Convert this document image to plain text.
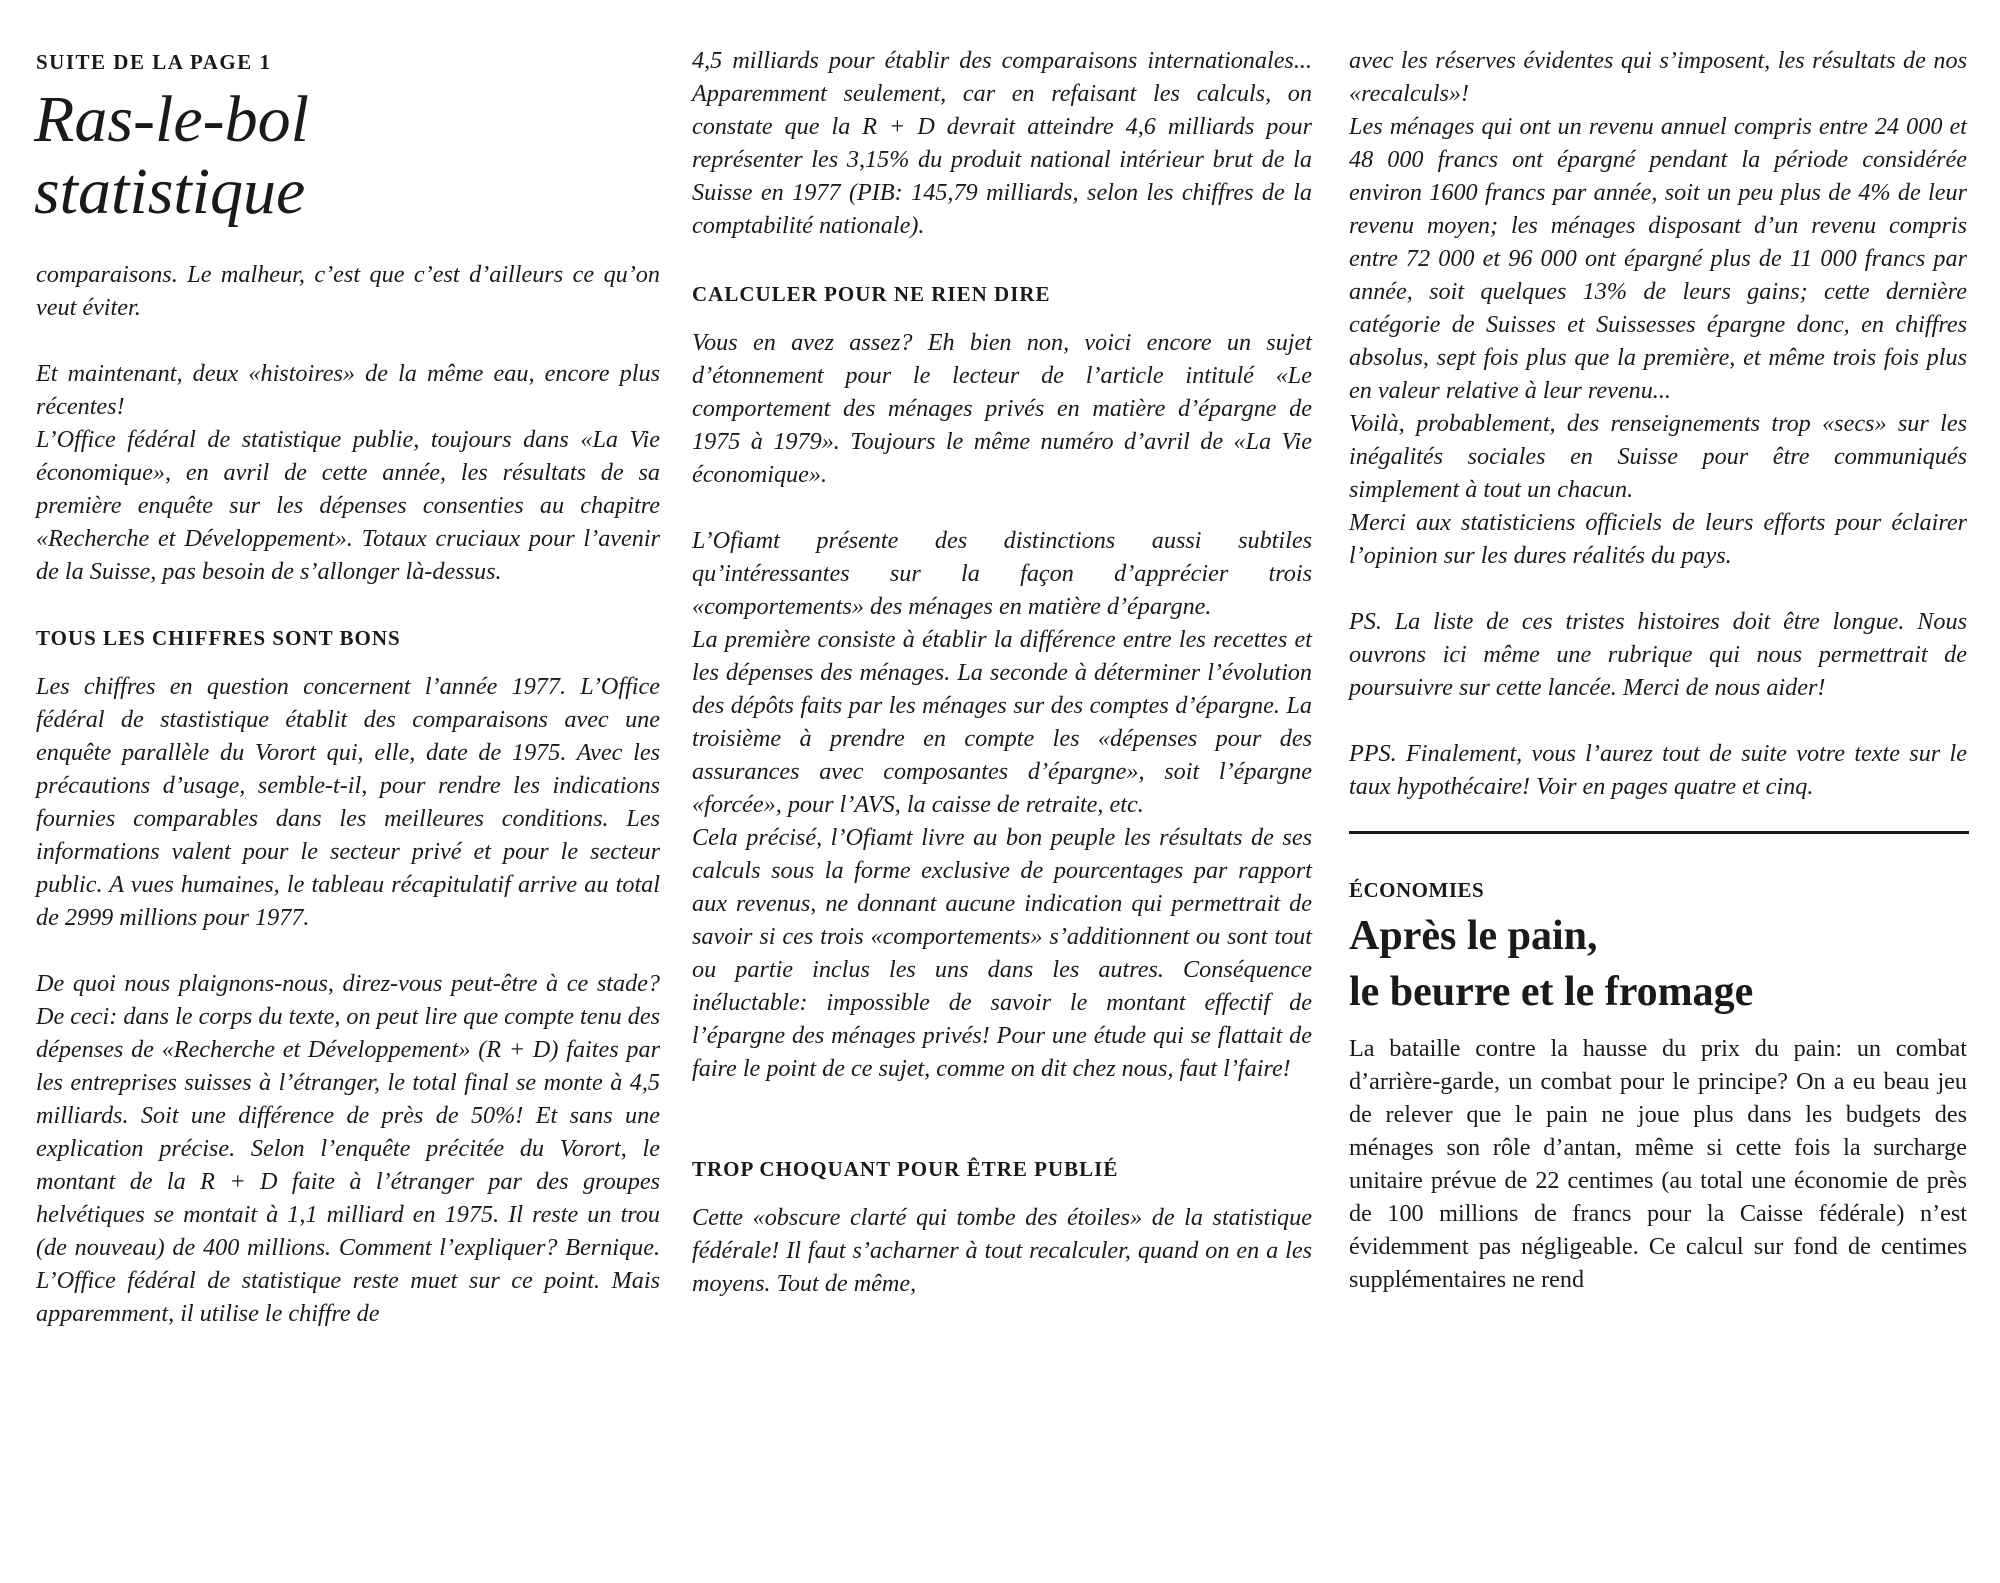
SUITE DE LA PAGE 1
Ras-le-bol
statistique

comparaisons. Le malheur, c’est que c’est d’ailleurs ce qu’on veut éviter.

Et maintenant, deux «histoires» de la même eau, encore plus récentes!

L’Office fédéral de statistique publie, toujours dans «La Vie économique», en avril de cette année, les résultats de sa première enquête sur les dépenses consenties au chapitre «Recherche et Développement». Totaux cruciaux pour l’avenir de la Suisse, pas besoin de s’allonger là-dessus.

TOUS LES CHIFFRES SONT BONS

Les chiffres en question concernent l’année 1977. L’Office fédéral de stastistique établit des comparaisons avec une enquête parallèle du Vorort qui, elle, date de 1975. Avec les précautions d’usage, semble-t-il, pour rendre les indications fournies comparables dans les meilleures conditions. Les informations valent pour le secteur privé et pour le secteur public. A vues humaines, le tableau récapitulatif arrive au total de 2999 millions pour 1977.

De quoi nous plaignons-nous, direz-vous peut-être à ce stade? De ceci: dans le corps du texte, on peut lire que compte tenu des dépenses de «Recherche et Développement» (R + D) faites par les entreprises suisses à l’étranger, le total final se monte à 4,5 milliards. Soit une différence de près de 50%! Et sans une explication précise. Selon l’enquête précitée du Vorort, le montant de la R + D faite à l’étranger par des groupes helvétiques se montait à 1,1 milliard en 1975. Il reste un trou (de nouveau) de 400 millions. Comment l’expliquer? Bernique. L’Office fédéral de statistique reste muet sur ce point. Mais apparemment, il utilise le chiffre de

4,5 milliards pour établir des comparaisons internationales... Apparemment seulement, car en refaisant les calculs, on constate que la R + D devrait atteindre 4,6 milliards pour représenter les 3,15% du produit national intérieur brut de la Suisse en 1977 (PIB: 145,79 milliards, selon les chiffres de la comptabilité nationale).

CALCULER POUR NE RIEN DIRE

Vous en avez assez? Eh bien non, voici encore un sujet d’étonnement pour le lecteur de l’article intitulé «Le comportement des ménages privés en matière d’épargne de 1975 à 1979». Toujours le même numéro d’avril de «La Vie économique».

L’Ofiamt présente des distinctions aussi subtiles qu’intéressantes sur la façon d’apprécier trois «comportements» des ménages en matière d’épargne.

La première consiste à établir la différence entre les recettes et les dépenses des ménages. La seconde à déterminer l’évolution des dépôts faits par les ménages sur des comptes d’épargne. La troisième à prendre en compte les «dépenses pour des assurances avec composantes d’épargne», soit l’épargne «forcée», pour l’AVS, la caisse de retraite, etc.

Cela précisé, l’Ofiamt livre au bon peuple les résultats de ses calculs sous la forme exclusive de pourcentages par rapport aux revenus, ne donnant aucune indication qui permettrait de savoir si ces trois «comportements» s’additionnent ou sont tout ou partie inclus les uns dans les autres. Conséquence inéluctable: impossible de savoir le montant effectif de l’épargne des ménages privés! Pour une étude qui se flattait de faire le point de ce sujet, comme on dit chez nous, faut l’faire!

TROP CHOQUANT POUR ÊTRE PUBLIÉ

Cette «obscure clarté qui tombe des étoiles» de la statistique fédérale! Il faut s’acharner à tout recalculer, quand on en a les moyens. Tout de même,

avec les réserves évidentes qui s’imposent, les résultats de nos «recalculs»!

Les ménages qui ont un revenu annuel compris entre 24 000 et 48 000 francs ont épargné pendant la période considérée environ 1600 francs par année, soit un peu plus de 4% de leur revenu moyen; les ménages disposant d’un revenu compris entre 72 000 et 96 000 ont épargné plus de 11 000 francs par année, soit quelques 13% de leurs gains; cette dernière catégorie de Suisses et Suissesses épargne donc, en chiffres absolus, sept fois plus que la première, et même trois fois plus en valeur relative à leur revenu...

Voilà, probablement, des renseignements trop «secs» sur les inégalités sociales en Suisse pour être communiqués simplement à tout un chacun.

Merci aux statisticiens officiels de leurs efforts pour éclairer l’opinion sur les dures réalités du pays.

PS. La liste de ces tristes histoires doit être longue. Nous ouvrons ici même une rubrique qui nous permettrait de poursuivre sur cette lancée. Merci de nous aider!

PPS. Finalement, vous l’aurez tout de suite votre texte sur le taux hypothécaire! Voir en pages quatre et cinq.

ÉCONOMIES
Après le pain,
le beurre et le fromage

La bataille contre la hausse du prix du pain: un combat d’arrière-garde, un combat pour le principe? On a eu beau jeu de relever que le pain ne joue plus dans les budgets des ménages son rôle d’antan, même si cette fois la surcharge unitaire prévue de 22 centimes (au total une économie de près de 100 millions de francs pour la Caisse fédérale) n’est évidemment pas négligeable. Ce calcul sur fond de centimes supplémentaires ne rend
